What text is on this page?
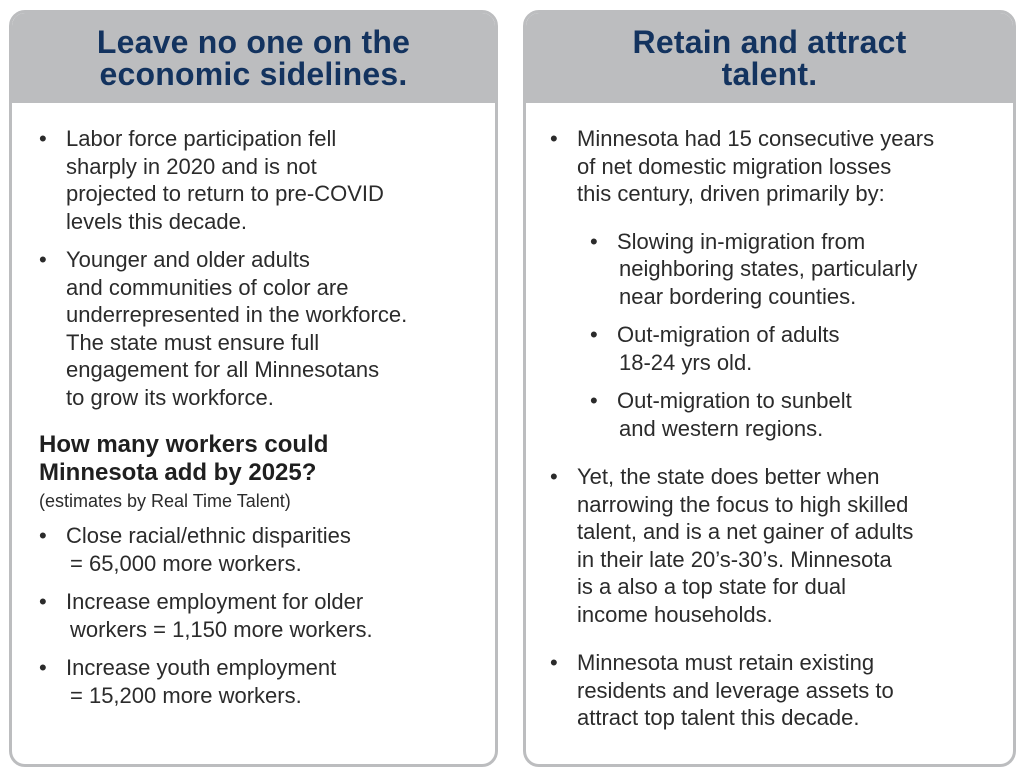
Leave no one on the
economic sidelines.
• Labor force participation fell
sharply in 2020 and is not
projected to return to pre-COVID
levels this decade.
• Younger and older adults
and communities of color are
underrepresented in the workforce.
The state must ensure full
engagement for all Minnesotans
to grow its workforce.
How many workers could
Minnesota add by 2025?
(estimates by Real Time Talent)
• Close racial/ethnic disparities
= 65,000 more workers.
• Increase employment for older
workers = 1,150 more workers.
• Increase youth employment
= 15,200 more workers.
Retain and attract
talent.
• Minnesota had 15 consecutive years
of net domestic migration losses
this century, driven primarily by:
• Slowing in-migration from
neighboring states, particularly
near bordering counties.
• Out-migration of adults
18-24 yrs old.
• Out-migration to sunbelt
and western regions.
• Yet, the state does better when
narrowing the focus to high skilled
talent, and is a net gainer of adults
in their late 20’s-30’s. Minnesota
is a also a top state for dual
income households.
• Minnesota must retain existing
residents and leverage assets to
attract top talent this decade.
